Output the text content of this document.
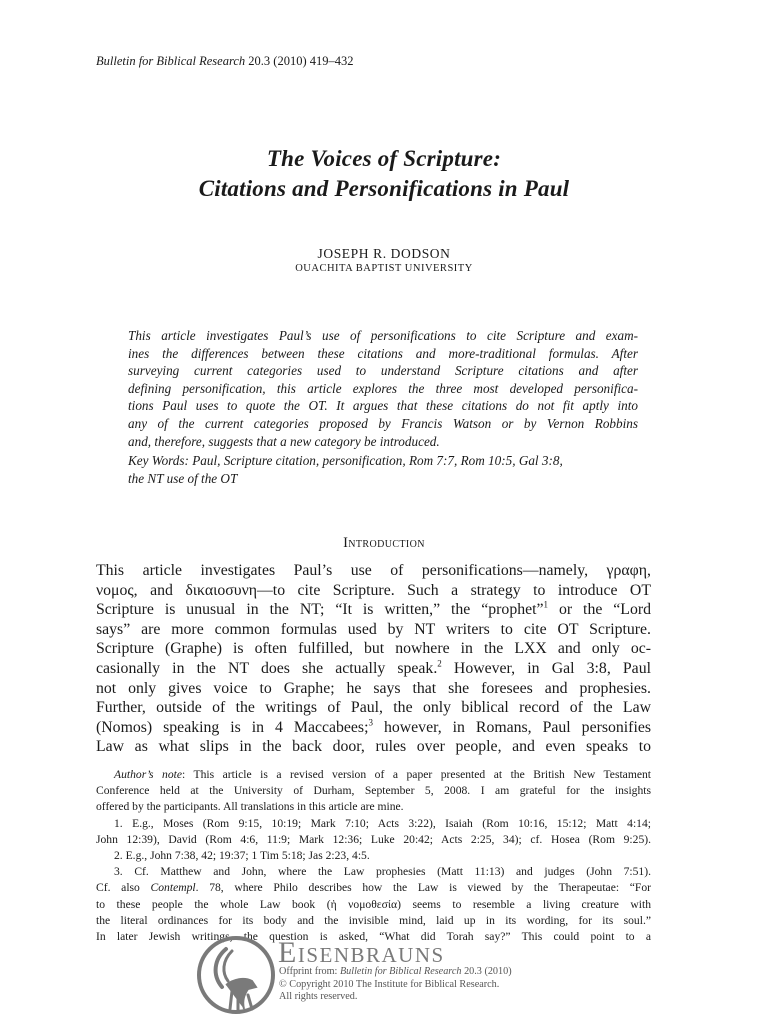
Bulletin for Biblical Research 20.3 (2010) 419–432
The Voices of Scripture:
Citations and Personifications in Paul
JOSEPH R. DODSON
OUACHITA BAPTIST UNIVERSITY
This article investigates Paul’s use of personifications to cite Scripture and exam-
ines the differences between these citations and more-traditional formulas. After
surveying current categories used to understand Scripture citations and after
defining personification, this article explores the three most developed personifica-
tions Paul uses to quote the OT. It argues that these citations do not fit aptly into
any of the current categories proposed by Francis Watson or by Vernon Robbins
and, therefore, suggests that a new category be introduced.
Key Words: Paul, Scripture citation, personification, Rom 7:7, Rom 10:5, Gal 3:8,
the NT use of the OT
Introduction
This article investigates Paul’s use of personifications—namely, γραφη,
νομος, and δικαιοσυνη—to cite Scripture. Such a strategy to introduce OT
Scripture is unusual in the NT; “It is written,” the “prophet”$^1$ or the “Lord
says” are more common formulas used by NT writers to cite OT Scripture.
Scripture (Graphe) is often fulfilled, but nowhere in the LXX and only oc-
casionally in the NT does she actually speak.$^2$ However, in Gal 3:8, Paul
not only gives voice to Graphe; he says that she foresees and prophesies.
Further, outside of the writings of Paul, the only biblical record of the Law
(Nomos) speaking is in 4 Maccabees;$^3$ however, in Romans, Paul personifies
Law as what slips in the back door, rules over people, and even speaks to
Author’s note: This article is a revised version of a paper presented at the British New Testament
Conference held at the University of Durham, September 5, 2008. I am grateful for the insights
offered by the participants. All translations in this article are mine.
1. E.g., Moses (Rom 9:15, 10:19; Mark 7:10; Acts 3:22), Isaiah (Rom 10:16, 15:12; Matt 4:14;
John 12:39), David (Rom 4:6, 11:9; Mark 12:36; Luke 20:42; Acts 2:25, 34); cf. Hosea (Rom 9:25).
2. E.g., John 7:38, 42; 19:37; 1 Tim 5:18; Jas 2:23, 4:5.
3. Cf. Matthew and John, where the Law prophesies (Matt 11:13) and judges (John 7:51).
Cf. also Contempl. 78, where Philo describes how the Law is viewed by the Therapeutae: “For
to these people the whole Law book (ἡ νομοθεσία) seems to resemble a living creature with
the literal ordinances for its body and the invisible mind, laid up in its wording, for its soul.”
In later Jewish writings, the question is asked, “What did Torah say?” This could point to a
Eisenbrauns
Offprint from: Bulletin for Biblical Research 20.3 (2010)
© Copyright 2010 The Institute for Biblical Research.
All rights reserved.
